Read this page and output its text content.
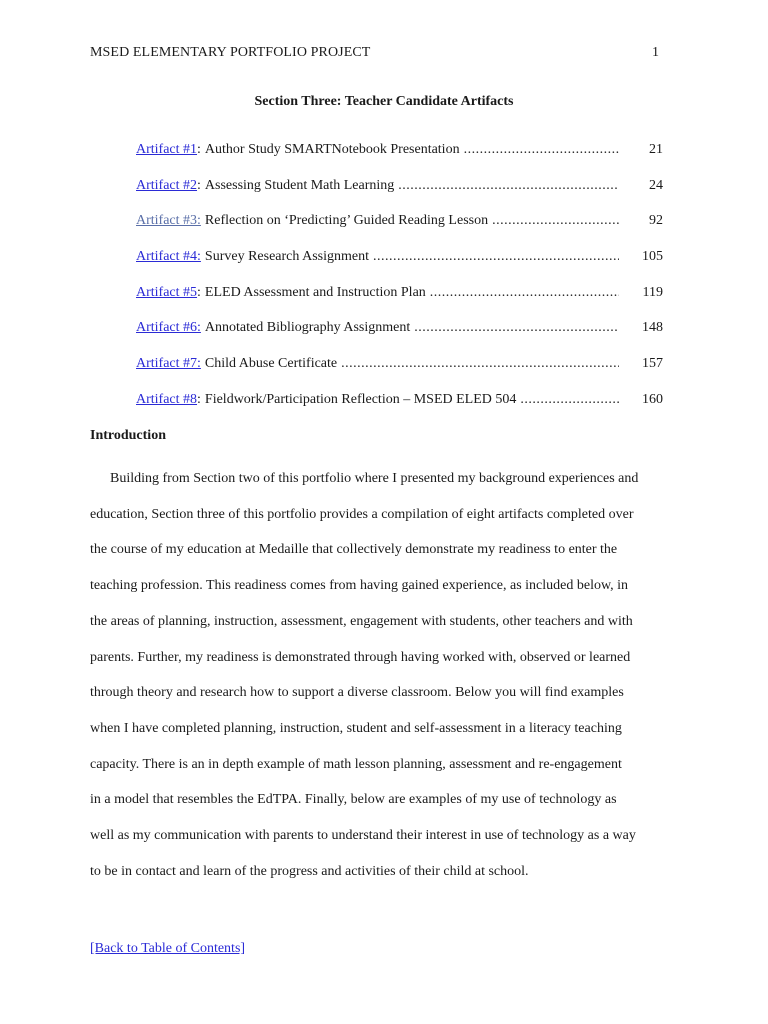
MSED ELEMENTARY PORTFOLIO PROJECT	1
Section Three: Teacher Candidate Artifacts
Artifact #1 : Author Study SMARTNotebook Presentation .....	21
Artifact #2 : Assessing Student Math Learning .....	24
Artifact #3: Reflection on ‘Predicting’ Guided Reading Lesson .....	92
Artifact #4: Survey Research Assignment .....	105
Artifact #5 : ELED Assessment and Instruction Plan .....	119
Artifact #6: Annotated Bibliography Assignment .....	148
Artifact #7: Child Abuse Certificate .....	157
Artifact #8 : Fieldwork/Participation Reflection – MSED ELED 504 .....	160
Introduction

Building from Section two of this portfolio where I presented my background experiences and
education, Section three of this portfolio provides a compilation of eight artifacts completed over
the course of my education at Medaille that collectively demonstrate my readiness to enter the
teaching profession. This readiness comes from having gained experience, as included below, in
the areas of planning, instruction, assessment, engagement with students, other teachers and with
parents. Further, my readiness is demonstrated through having worked with, observed or learned
through theory and research how to support a diverse classroom. Below you will find examples
when I have completed planning, instruction, student and self-assessment in a literacy teaching
capacity. There is an in depth example of math lesson planning, assessment and re-engagement
in a model that resembles the EdTPA. Finally, below are examples of my use of technology as
well as my communication with parents to understand their interest in use of technology as a way
to be in contact and learn of the progress and activities of their child at school.

[Back to Table of Contents]
